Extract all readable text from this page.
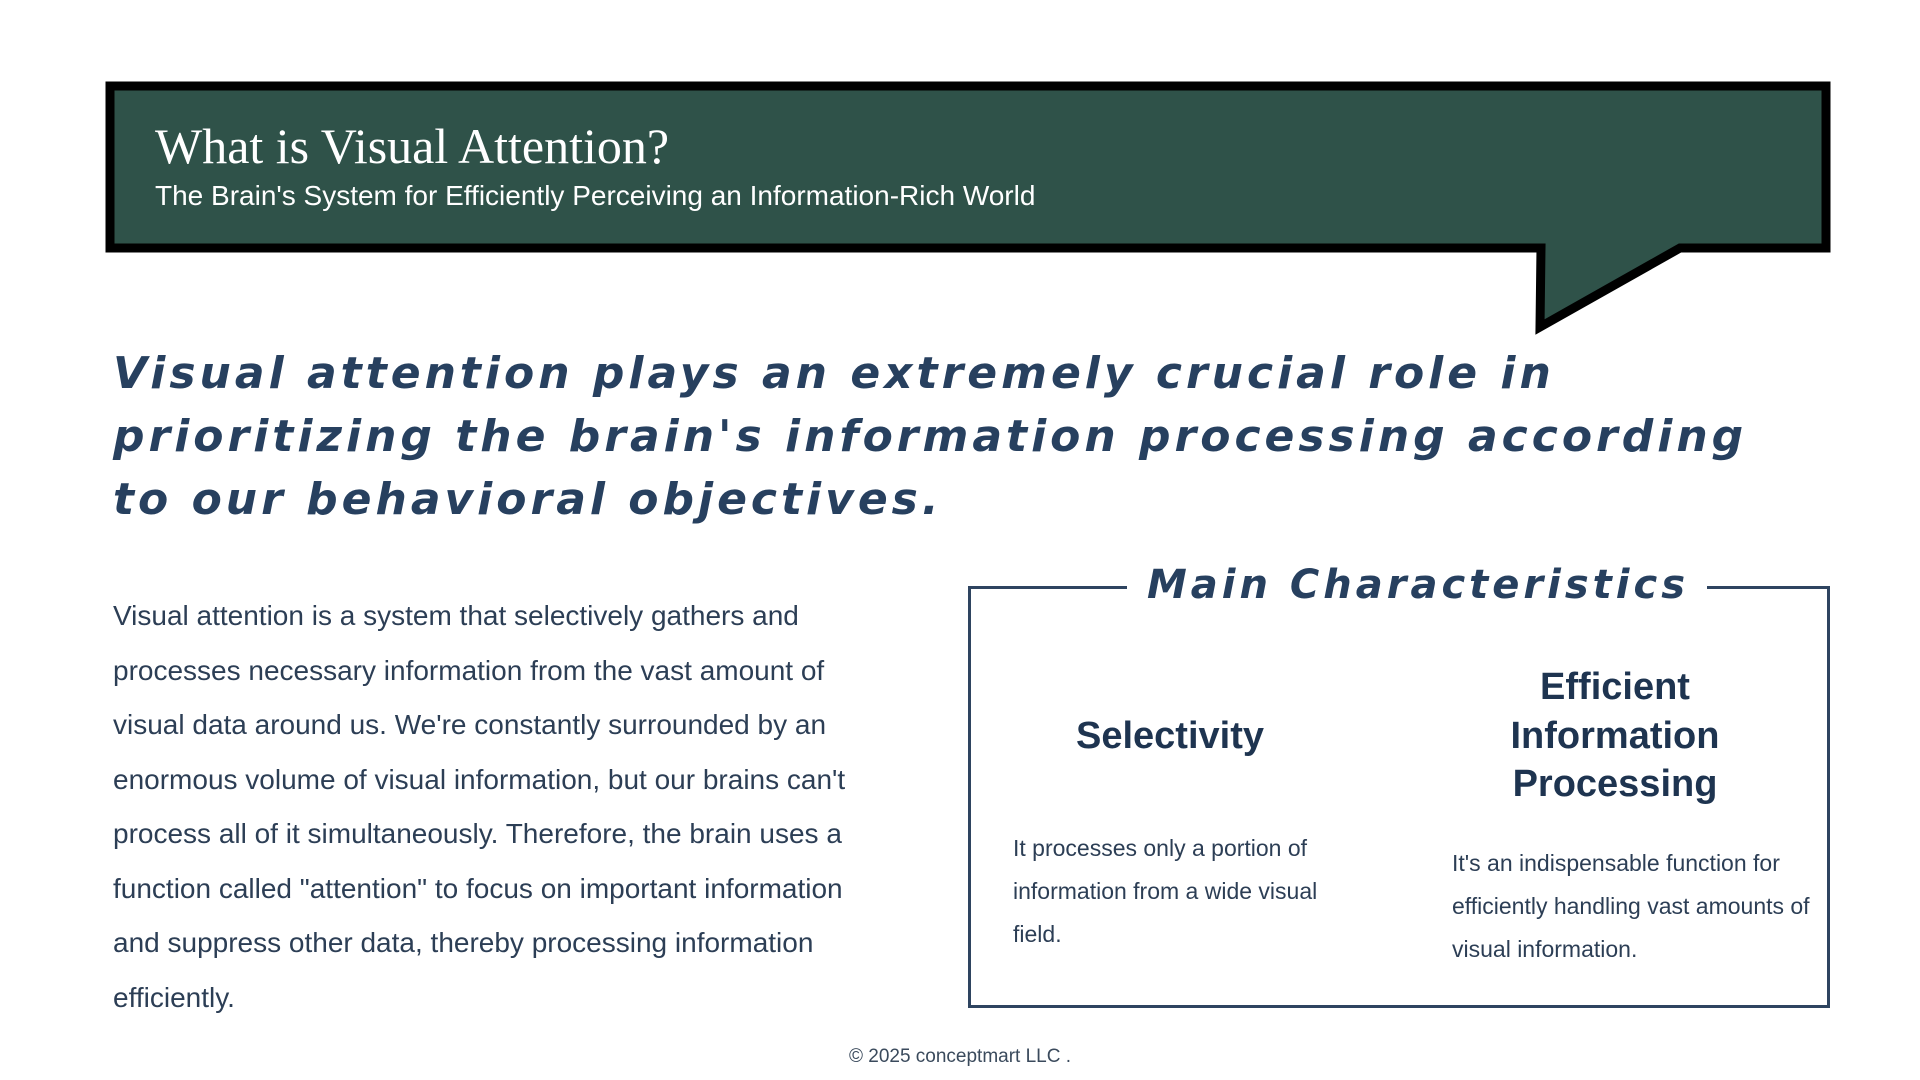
What is Visual Attention?

The Brain's System for Efficiently Perceiving an Information-Rich World

Visual attention plays an extremely crucial role in prioritizing the brain's information processing according to our behavioral objectives.

Visual attention is a system that selectively gathers and processes necessary information from the vast amount of visual data around us. We're constantly surrounded by an enormous volume of visual information, but our brains can't process all of it simultaneously. Therefore, the brain uses a function called "attention" to focus on important information and suppress other data, thereby processing information efficiently.

Main Characteristics
Selectivity

It processes only a portion of information from a wide visual field.

Efficient Information Processing

It's an indispensable function for efficiently handling vast amounts of visual information.

© 2025 conceptmart LLC .
